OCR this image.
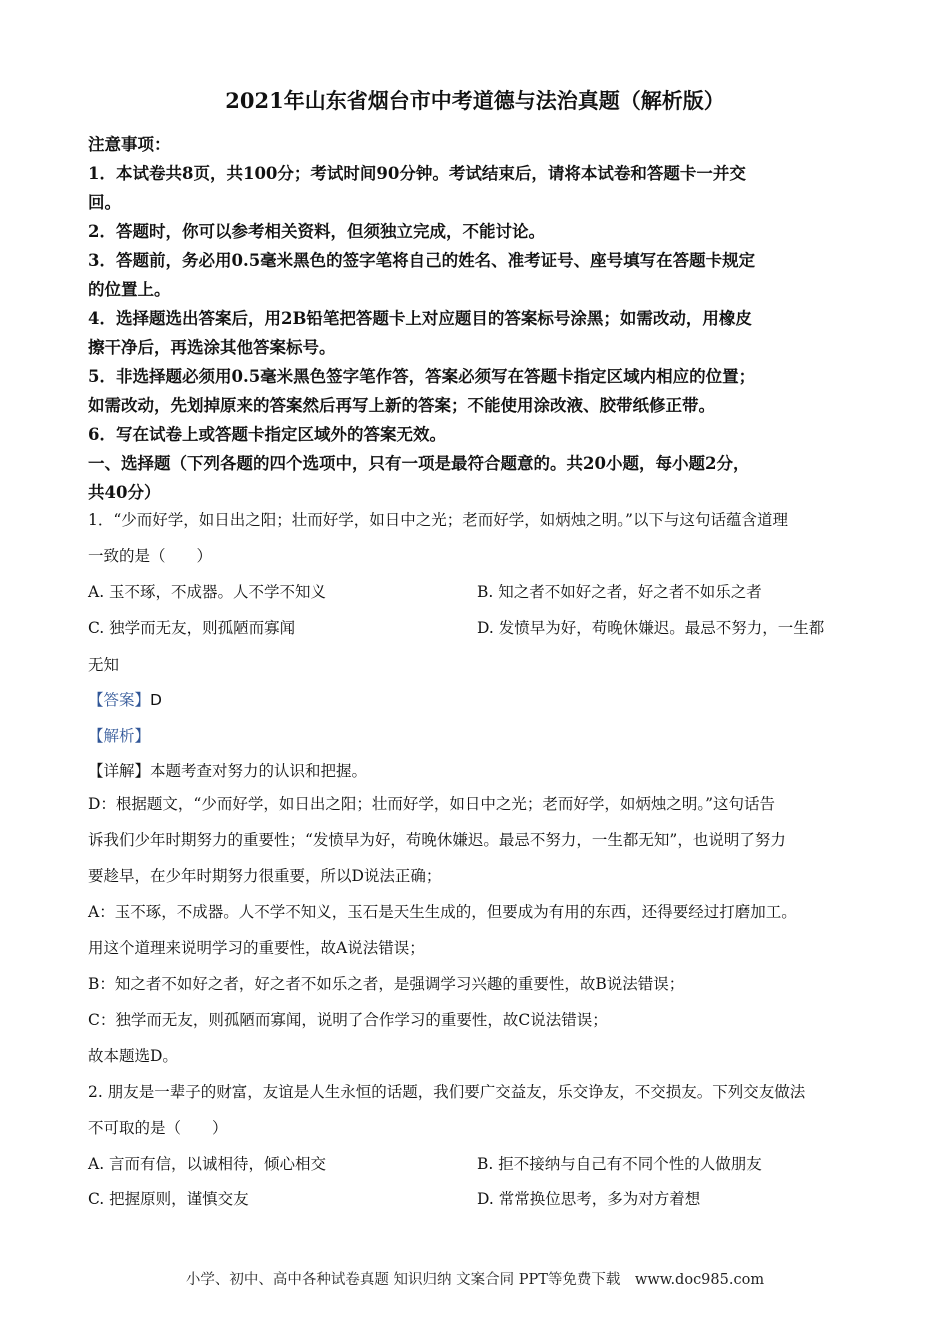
2021年山东省烟台市中考道德与法治真题（解析版）
注意事项：
1．本试卷共8页，共100分；考试时间90分钟。考试结束后，请将本试卷和答题卡一并交
回。
2．答题时，你可以参考相关资料，但须独立完成，不能讨论。
3．答题前，务必用0.5毫米黑色的签字笔将自己的姓名、准考证号、座号填写在答题卡规定
的位置上。
4．选择题选出答案后，用2B铅笔把答题卡上对应题目的答案标号涂黑；如需改动，用橡皮
擦干净后，再选涂其他答案标号。
5．非选择题必须用0.5毫米黑色签字笔作答，答案必须写在答题卡指定区域内相应的位置；
如需改动，先划掉原来的答案然后再写上新的答案；不能使用涂改液、胶带纸修正带。
6．写在试卷上或答题卡指定区域外的答案无效。
一、选择题（下列各题的四个选项中，只有一项是最符合题意的。共20小题，每小题2分，
共40分）
1．“少而好学，如日出之阳；壮而好学，如日中之光；老而好学，如炳烛之明。”以下与这句话蕴含道理
一致的是（　　）
A. 玉不琢，不成器。人不学不知义	B. 知之者不如好之者，好之者不如乐之者
C. 独学而无友，则孤陋而寡闻	D. 发愤早为好，苟晚休嫌迟。最忌不努力，一生都
无知
【答案】D
【解析】
【详解】本题考查对努力的认识和把握。
D：根据题文，“少而好学，如日出之阳；壮而好学，如日中之光；老而好学，如炳烛之明。”这句话告
诉我们少年时期努力的重要性；“发愤早为好，苟晚休嫌迟。最忌不努力，一生都无知”，也说明了努力
要趁早，在少年时期努力很重要，所以D说法正确；
A：玉不琢，不成器。人不学不知义，玉石是天生生成的，但要成为有用的东西，还得要经过打磨加工。
用这个道理来说明学习的重要性，故A说法错误；
B：知之者不如好之者，好之者不如乐之者，是强调学习兴趣的重要性，故B说法错误；
C：独学而无友，则孤陋而寡闻，说明了合作学习的重要性，故C说法错误；
故本题选D。
2. 朋友是一辈子的财富，友谊是人生永恒的话题，我们要广交益友，乐交诤友，不交损友。下列交友做法
不可取的是（　　）
A. 言而有信，以诚相待，倾心相交	B. 拒不接纳与自己有不同个性的人做朋友
C. 把握原则，谨慎交友	D. 常常换位思考，多为对方着想
小学、初中、高中各种试卷真题 知识归纳 文案合同 PPT等免费下载　www.doc985.com
